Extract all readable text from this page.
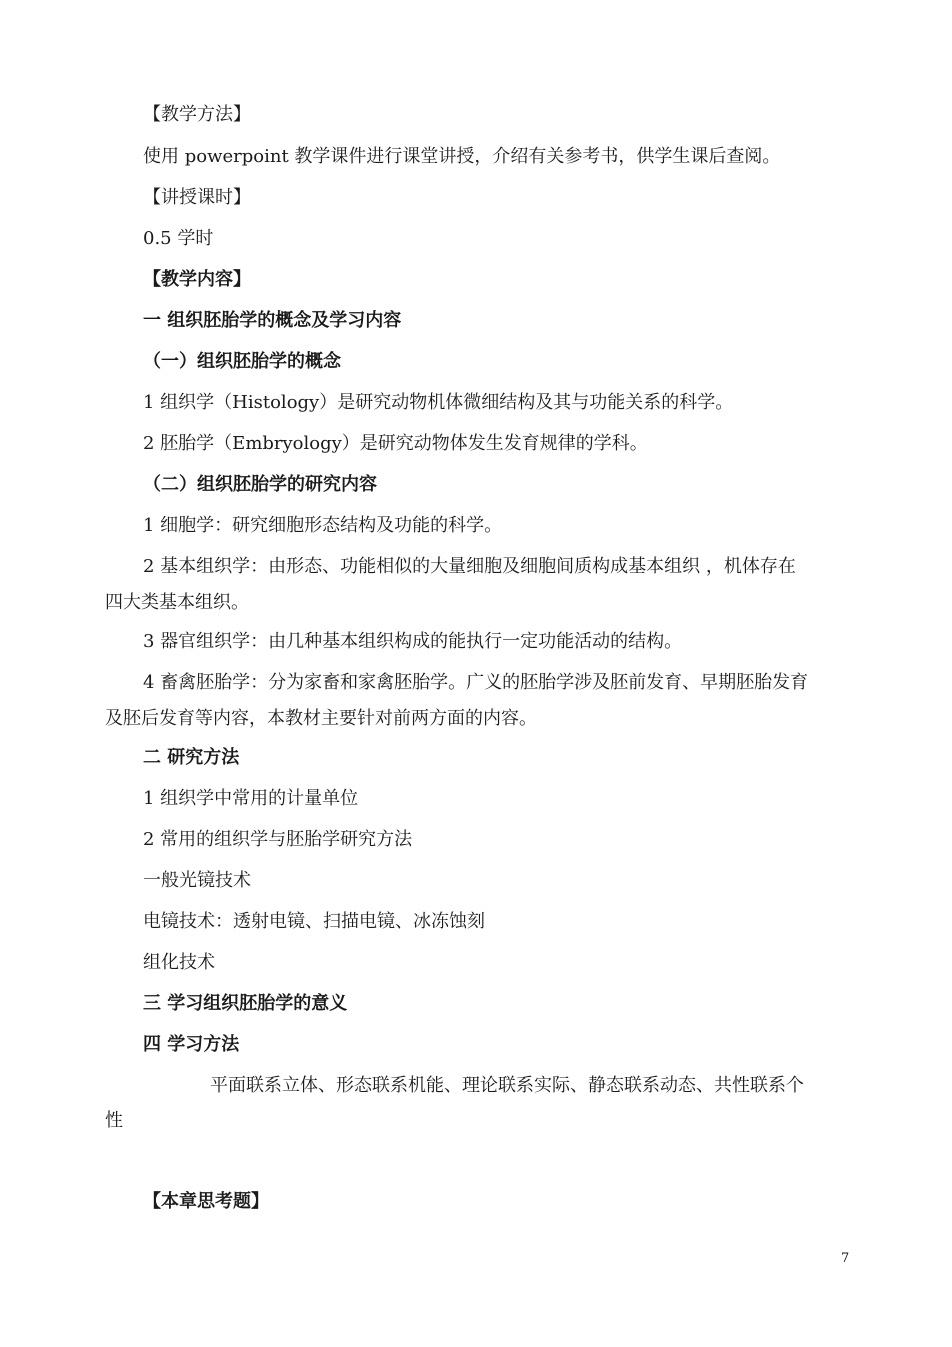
【教学方法】
使用 powerpoint 教学课件进行课堂讲授，介绍有关参考书，供学生课后查阅。
【讲授课时】
0.5 学时
【教学内容】
一 组织胚胎学的概念及学习内容
（一）组织胚胎学的概念
1 组织学（Histology）是研究动物机体微细结构及其与功能关系的科学。
2 胚胎学（Embryology）是研究动物体发生发育规律的学科。
（二）组织胚胎学的研究内容
1 细胞学：研究细胞形态结构及功能的科学。
2 基本组织学：由形态、功能相似的大量细胞及细胞间质构成基本组织 ，机体存在
四大类基本组织。
3 器官组织学：由几种基本组织构成的能执行一定功能活动的结构。
4 畜禽胚胎学：分为家畜和家禽胚胎学。广义的胚胎学涉及胚前发育、早期胚胎发育
及胚后发育等内容，本教材主要针对前两方面的内容。
二 研究方法
1 组织学中常用的计量单位
2 常用的组织学与胚胎学研究方法
一般光镜技术
电镜技术：透射电镜、扫描电镜、冰冻蚀刻
组化技术
三 学习组织胚胎学的意义
四 学习方法
平面联系立体、形态联系机能、理论联系实际、静态联系动态、共性联系个
性
【本章思考题】
7
